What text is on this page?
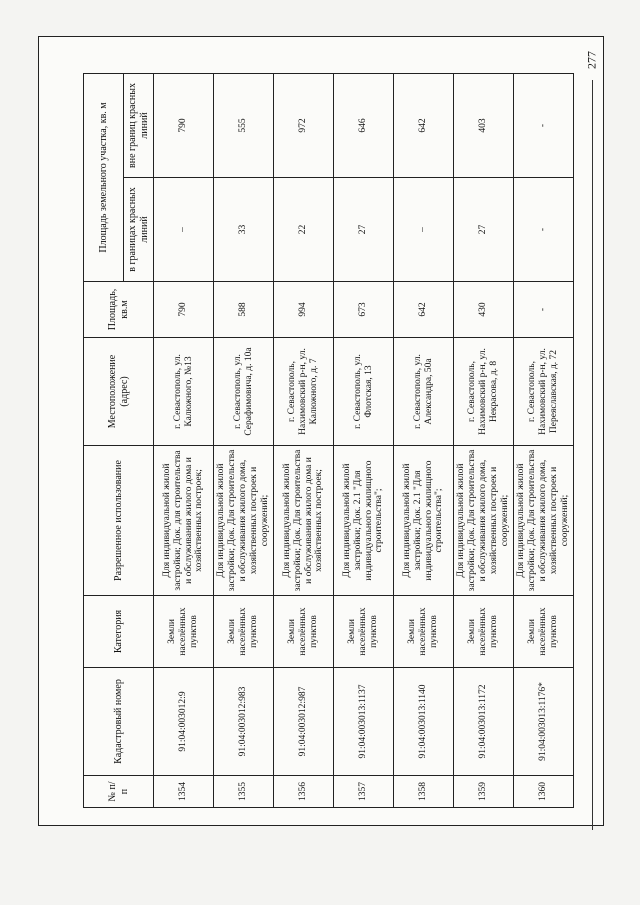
277
№ п/п	Кадастровый номер	Категория	Разрешенное использование	Местоположение (адрес)	Площадь, кв.м	Площадь земельного участка, кв. м	
						в границах красных линий	вне границ красных линий
1354	91:04:003012:9	Земли населённых пунктов	Для индивидуальной жилой застройки; Док. для строительства и обслуживания жилого дома и хозяйственных построек;	г. Севастополь, ул. Калюжного, №13	790	–	790
1355	91:04:003012:983	Земли населённых пунктов	Для индивидуальной жилой застройки; Док. Для строительства и обслуживания жилого дома, хозяйственных построек и сооружений;	г. Севастополь, ул. Серафимовича, д. 10а	588	33	555
1356	91:04:003012:987	Земли населённых пунктов	Для индивидуальной жилой застройки; Док. Для строительства и обслуживания жилого дома и хозяйственных построек;	г. Севастополь, Нахимовский р-н, ул. Калюжного, д. 7	994	22	972
1357	91:04:003013:1137	Земли населённых пунктов	Для индивидуальной жилой застройки; Док. 2.1 "Для индивидуального жилищного строительства";	г. Севастополь, ул. Флотская, 13	673	27	646
1358	91:04:003013:1140	Земли населённых пунктов	Для индивидуальной жилой застройки; Док. 2.1 "Для индивидуального жилищного строительства";	г. Севастополь, ул. Александра, 50а	642	–	642
1359	91:04:003013:1172	Земли населённых пунктов	Для индивидуальной жилой застройки; Док. Для строительства и обслуживания жилого дома, хозяйственных построек и сооружений;	г. Севастополь, Нахимовский р-н, ул. Некрасова, д. 8	430	27	403
1360	91:04:003013:1176*	Земли населённых пунктов	Для индивидуальной жилой застройки; Док. Для строительства и обслуживания жилого дома, хозяйственных построек и сооружений;	г. Севастополь, Нахимовский р-н, ул. Переяславская, д. 72	-	-	-
